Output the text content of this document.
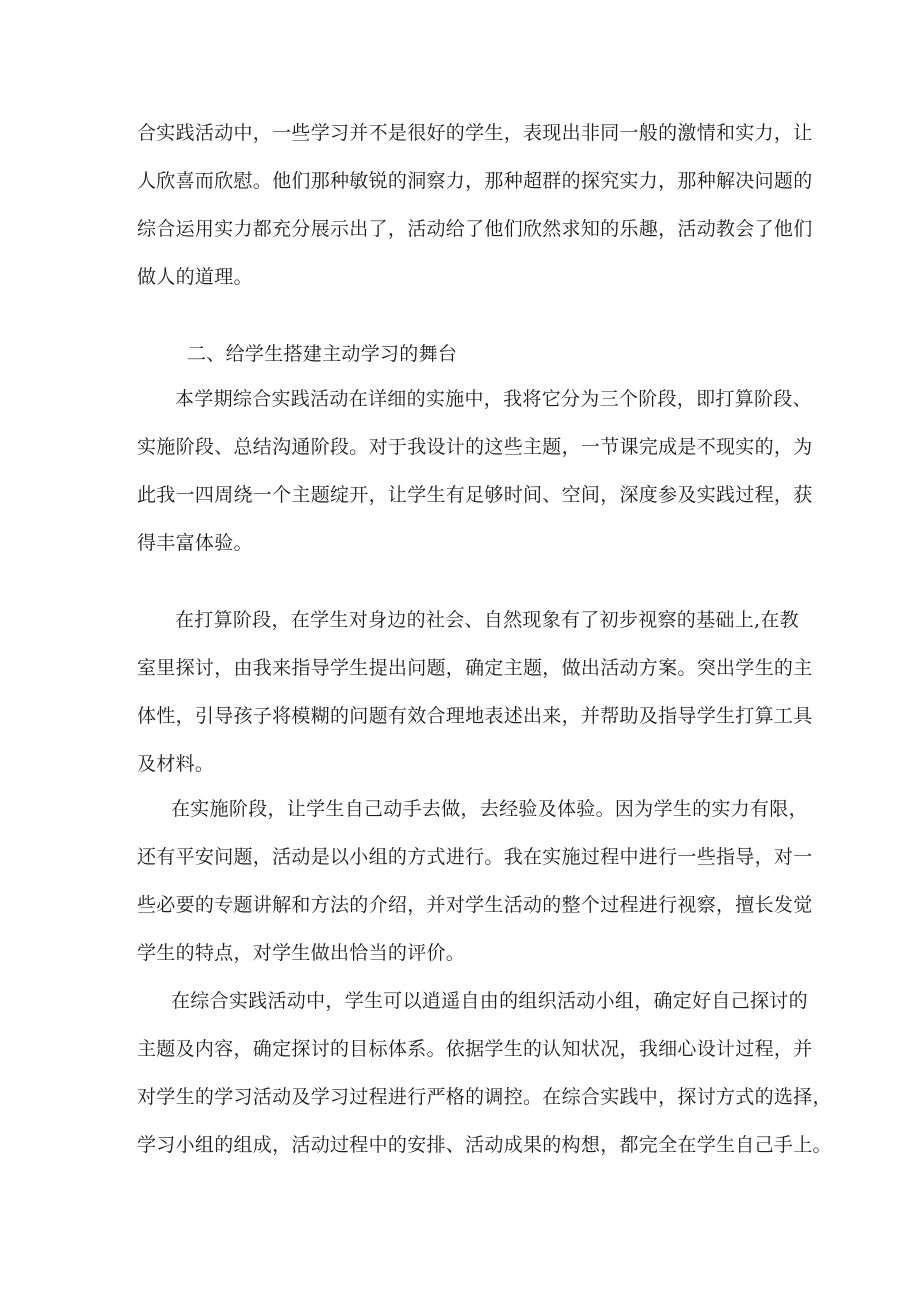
合实践活动中，一些学习并不是很好的学生，表现出非同一般的激情和实力，让
人欣喜而欣慰。他们那种敏锐的洞察力，那种超群的探究实力，那种解决问题的
综合运用实力都充分展示出了，活动给了他们欣然求知的乐趣，活动教会了他们
做人的道理。
二、给学生搭建主动学习的舞台
本学期综合实践活动在详细的实施中，我将它分为三个阶段，即打算阶段、
实施阶段、总结沟通阶段。对于我设计的这些主题，一节课完成是不现实的，为
此我一四周绕一个主题绽开，让学生有足够时间、空间，深度参及实践过程，获
得丰富体验。
在打算阶段，在学生对身边的社会、自然现象有了初步视察的基础上,在教
室里探讨，由我来指导学生提出问题，确定主题，做出活动方案。突出学生的主
体性，引导孩子将模糊的问题有效合理地表述出来，并帮助及指导学生打算工具
及材料。
在实施阶段，让学生自己动手去做，去经验及体验。因为学生的实力有限，
还有平安问题，活动是以小组的方式进行。我在实施过程中进行一些指导，对一
些必要的专题讲解和方法的介绍，并对学生活动的整个过程进行视察，擅长发觉
学生的特点，对学生做出恰当的评价。
在综合实践活动中，学生可以逍遥自由的组织活动小组，确定好自己探讨的
主题及内容，确定探讨的目标体系。依据学生的认知状况，我细心设计过程，并
对学生的学习活动及学习过程进行严格的调控。在综合实践中，探讨方式的选择，
学习小组的组成，活动过程中的安排、活动成果的构想，都完全在学生自己手上。
